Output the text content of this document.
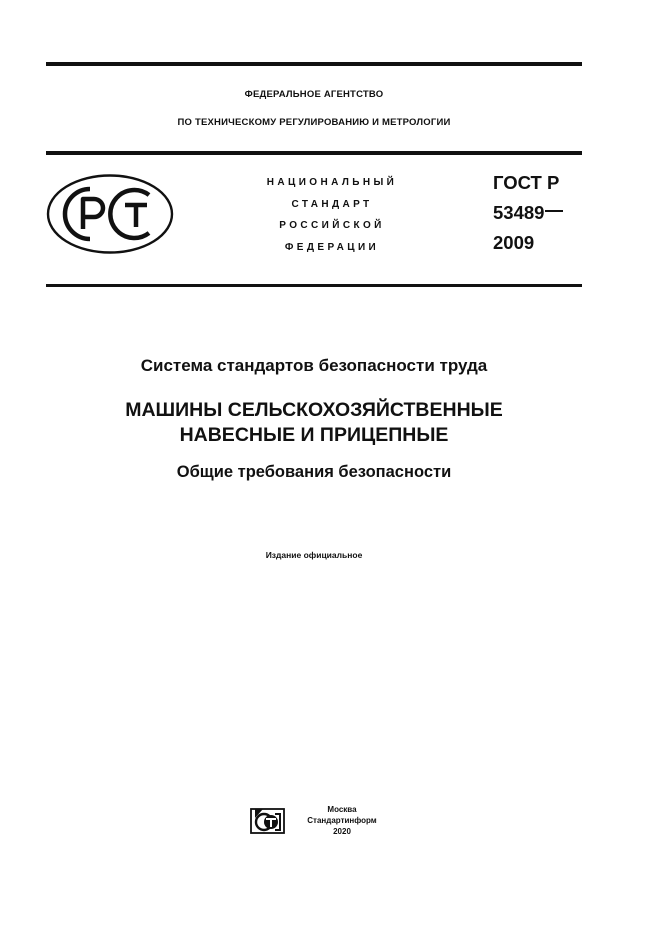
ФЕДЕРАЛЬНОЕ АГЕНТСТВО
ПО ТЕХНИЧЕСКОМУ РЕГУЛИРОВАНИЮ И МЕТРОЛОГИИ
НАЦИОНАЛЬНЫЙ
СТАНДАРТ
РОССИЙСКОЙ
ФЕДЕРАЦИИ
ГОСТ Р
53489
2009
Система стандартов безопасности труда
МАШИНЫ СЕЛЬСКОХОЗЯЙСТВЕННЫЕ
НАВЕСНЫЕ И ПРИЦЕПНЫЕ
Общие требования безопасности
Издание официальное
Москва
Стандартинформ
2020
